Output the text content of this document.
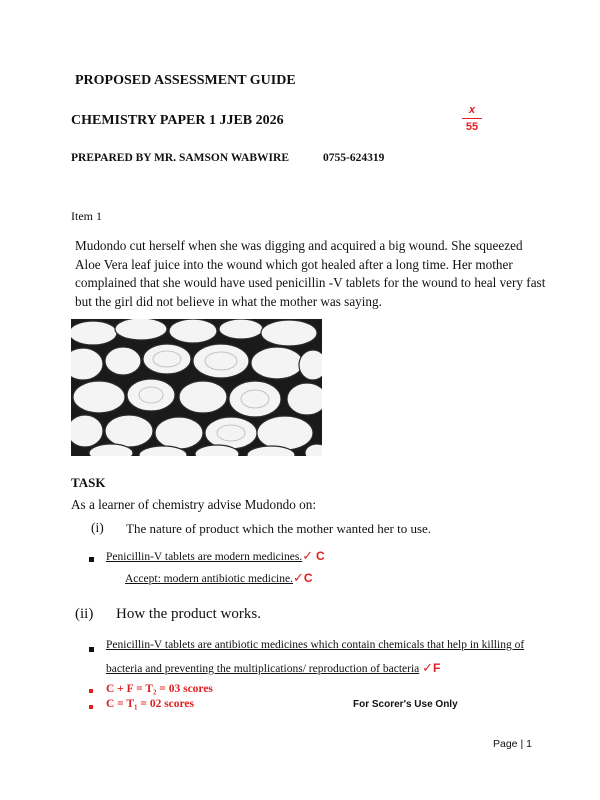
PROPOSED ASSESSMENT GUIDE
CHEMISTRY PAPER 1 JJEB 2026
x
55
PREPARED BY MR. SAMSON WABWIRE	0755-624319
Item 1
Mudondo cut herself when she was digging and acquired a big wound. She squeezed
Aloe Vera leaf juice into the wound which got healed after a long time. Her mother
complained that she would have used penicillin -V tablets for the wound to heal very fast
but the girl did not believe in what the mother was saying.
TASK
As a learner of chemistry advise Mudondo on:
(i) The nature of product which the mother wanted her to use.
Penicillin-V tablets are modern medicines.✓ C
Accept: modern antibiotic medicine.✓C
(ii) How the product works.
Penicillin-V tablets are antibiotic medicines which contain chemicals that help in killing of
bacteria and preventing the multiplications/ reproduction of bacteria ✓F
C + F = T₂ = 03 scores
C = T₁ = 02 scores	For Scorer's Use Only
Page | 1
